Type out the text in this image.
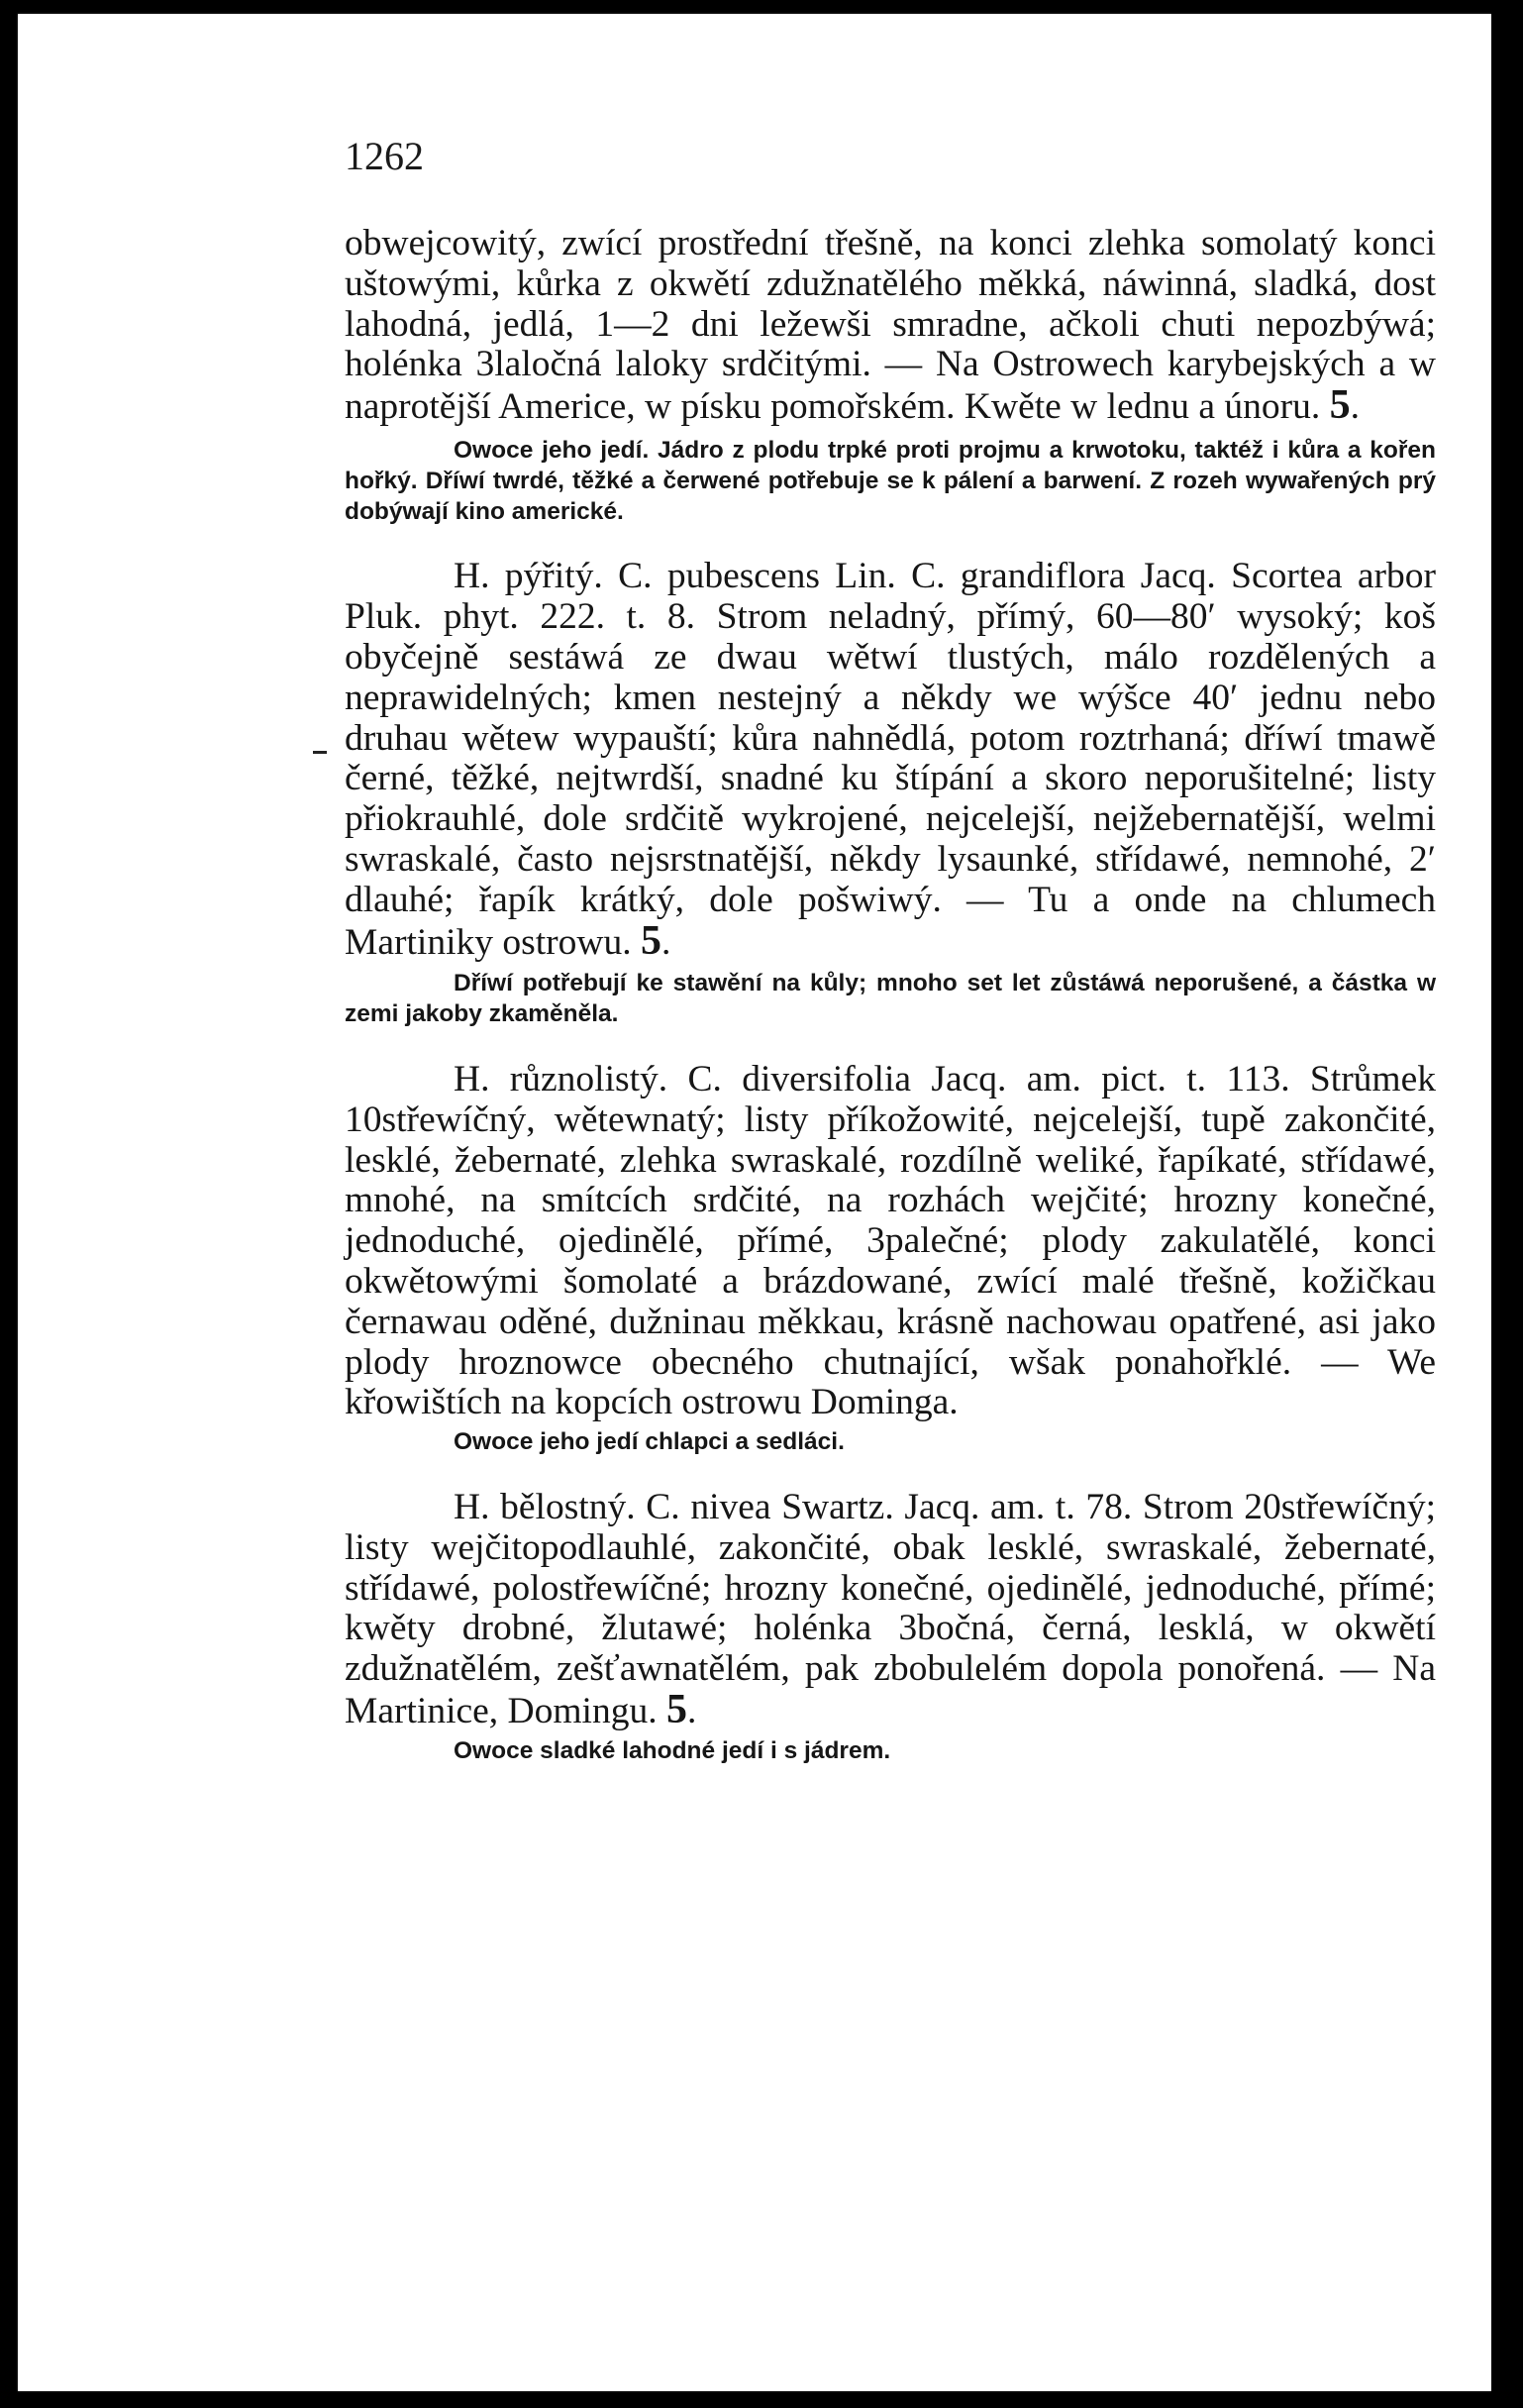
1262

obwejcowitý, zwící prostřední třešně, na konci zlehka somolatý konci uštowými, kůrka z okwětí zdužnatělého měkká, náwinná, sladká, dost lahodná, jedlá, 1—2 dni ležewši smradne, ačkoli chuti nepozbýwá; holénka 3laločná laloky srdčitými. — Na Ostrowech karybejských a w naprotější Americe, w písku pomořském. Kwěte w lednu a únoru. 5.

Owoce jeho jedí. Jádro z plodu trpké proti projmu a krwotoku, taktéž i kůra a kořen hořký. Dříwí twrdé, těžké a čerwené potřebuje se k pálení a barwení. Z rozeh wywařených prý dobýwají kino americké.

H. pýřitý. C. pubescens Lin. C. grandiflora Jacq. Scortea arbor Pluk. phyt. 222. t. 8. Strom neladný, přímý, 60—80′ wysoký; koš obyčejně sestáwá ze dwau wětwí tlustých, málo rozdělených a neprawidelných; kmen nestejný a někdy we wýšce 40′ jednu nebo druhau wětew wypauští; kůra nahnědlá, potom roztrhaná; dříwí tmawě černé, těžké, nejtwrdší, snadné ku štípání a skoro neporušitelné; listy přiokrauhlé, dole srdčitě wykrojené, nejcelejší, nejžebernatější, welmi swraskalé, často nejsrstnatější, někdy lysaunké, střídawé, nemnohé, 2′ dlauhé; řapík krátký, dole pošwiwý. — Tu a onde na chlumech Martiniky ostrowu. 5.

Dříwí potřebují ke stawění na kůly; mnoho set let zůstáwá neporušené, a částka w zemi jakoby zkaměněla.

H. různolistý. C. diversifolia Jacq. am. pict. t. 113. Strůmek 10střewíčný, wětewnatý; listy příkožowité, nejcelejší, tupě zakončité, lesklé, žebernaté, zlehka swraskalé, rozdílně weliké, řapíkaté, střídawé, mnohé, na smítcích srdčité, na rozhách wejčité; hrozny konečné, jednoduché, ojedinělé, přímé, 3palečné; plody zakulatělé, konci okwětowými šomolaté a brázdowané, zwící malé třešně, kožičkau černawau oděné, dužninau měkkau, krásně nachowau opatřené, asi jako plody hroznowce obecného chutnající, wšak ponahořklé. — We křowištích na kopcích ostrowu Dominga.

Owoce jeho jedí chlapci a sedláci.

H. bělostný. C. nivea Swartz. Jacq. am. t. 78. Strom 20střewíčný; listy wejčitopodlauhlé, zakončité, obak lesklé, swraskalé, žebernaté, střídawé, polostřewíčné; hrozny konečné, ojedinělé, jednoduché, přímé; kwěty drobné, žlutawé; holénka 3bočná, černá, lesklá, w okwětí zdužnatělém, zešťawnatělém, pak zbobulelém dopola ponořená. — Na Martinice, Domingu. 5.

Owoce sladké lahodné jedí i s jádrem.
